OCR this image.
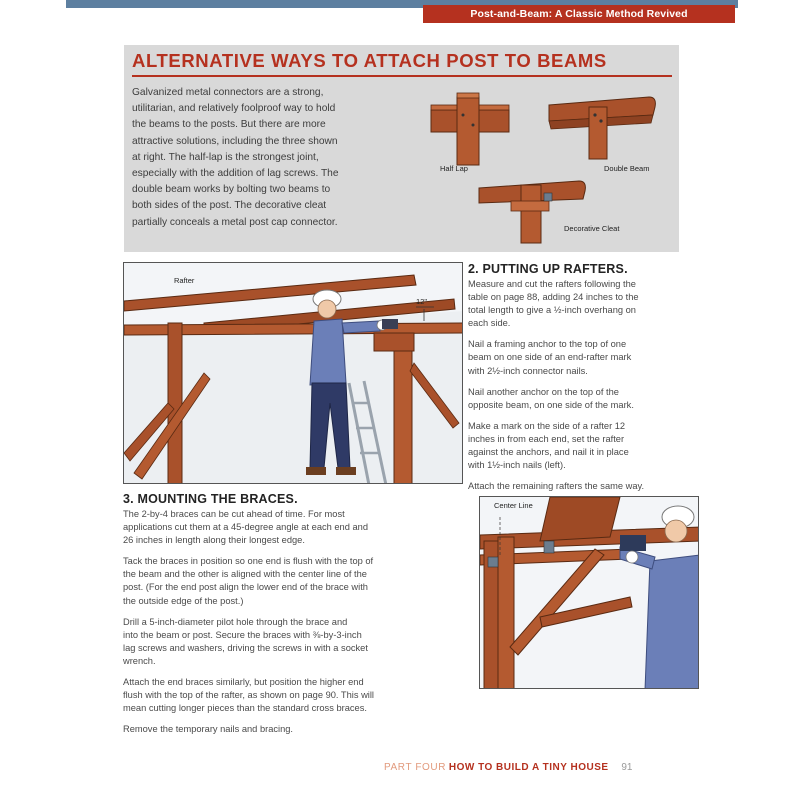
Post-and-Beam: A Classic Method Revived
ALTERNATIVE WAYS TO ATTACH POST TO BEAMS
Galvanized metal connectors are a strong,
utilitarian, and relatively foolproof way to hold
the beams to the posts. But there are more
attractive solutions, including the three shown
at right. The half-lap is the strongest joint,
especially with the addition of lag screws. The
double beam works by bolting two beams to
both sides of the post. The decorative cleat
partially conceals a metal post cap connector.
Half Lap	Double Beam
Decorative Cleat
Rafter
12"
2. PUTTING UP RAFTERS.
Measure and cut the rafters following the
table on page 88, adding 24 inches to the
total length to give a ½-inch overhang on
each side.
Nail a framing anchor to the top of one
beam on one side of an end-rafter mark
with 2½-inch connector nails.
Nail another anchor on the top of the
opposite beam, on one side of the mark.
Make a mark on the side of a rafter 12
inches in from each end, set the rafter
against the anchors, and nail it in place
with 1½-inch nails (left).
Attach the remaining rafters the same way.
3. MOUNTING THE BRACES.
The 2-by-4 braces can be cut ahead of time. For most
applications cut them at a 45-degree angle at each end and
26 inches in length along their longest edge.
Tack the braces in position so one end is flush with the top of
the beam and the other is aligned with the center line of the
post. (For the end post align the lower end of the brace with
the outside edge of the post.)
Drill a 5-inch-diameter pilot hole through the brace and
into the beam or post. Secure the braces with ⅜-by-3-inch
lag screws and washers, driving the screws in with a socket
wrench.
Attach the end braces similarly, but position the higher end
flush with the top of the rafter, as shown on page 90. This will
mean cutting longer pieces than the standard cross braces.
Remove the temporary nails and bracing.
Center Line
PART FOUR HOW TO BUILD A TINY HOUSE 91
